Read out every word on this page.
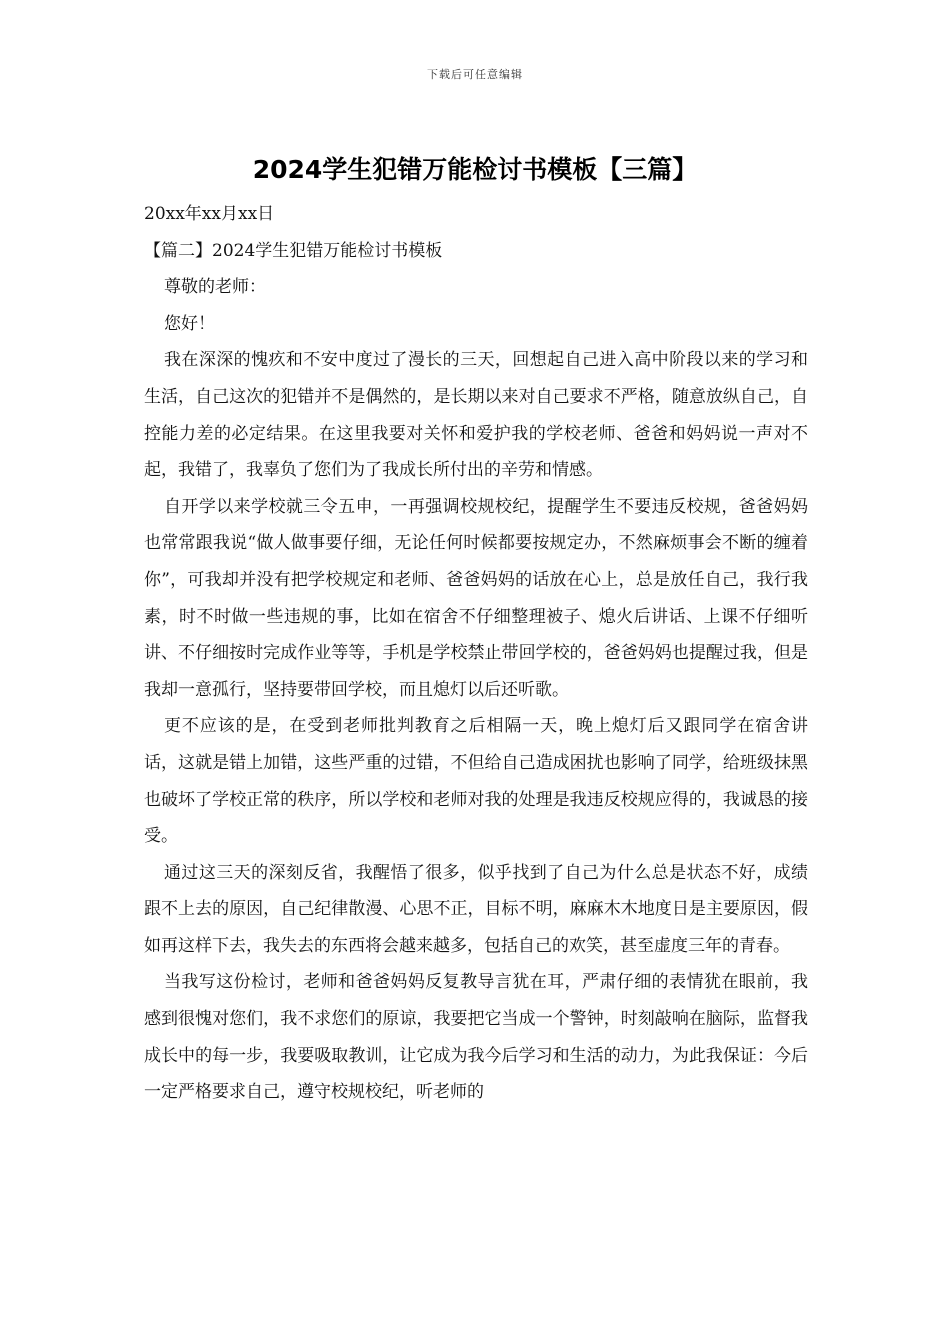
下载后可任意编辑
2024学生犯错万能检讨书模板【三篇】

20xx年xx月xx日

【篇二】2024学生犯错万能检讨书模板

尊敬的老师：

您好！

我在深深的愧疚和不安中度过了漫长的三天，回想起自己进入高中阶段以来的学习和生活，自己这次的犯错并不是偶然的，是长期以来对自己要求不严格，随意放纵自己，自控能力差的必定结果。在这里我要对关怀和爱护我的学校老师、爸爸和妈妈说一声对不起，我错了，我辜负了您们为了我成长所付出的辛劳和情感。

自开学以来学校就三令五申，一再强调校规校纪，提醒学生不要违反校规，爸爸妈妈也常常跟我说“做人做事要仔细，无论任何时候都要按规定办，不然麻烦事会不断的缠着你”，可我却并没有把学校规定和老师、爸爸妈妈的话放在心上，总是放任自己，我行我素，时不时做一些违规的事，比如在宿舍不仔细整理被子、熄火后讲话、上课不仔细听讲、不仔细按时完成作业等等，手机是学校禁止带回学校的，爸爸妈妈也提醒过我，但是我却一意孤行，坚持要带回学校，而且熄灯以后还听歌。

更不应该的是，在受到老师批判教育之后相隔一天，晚上熄灯后又跟同学在宿舍讲话，这就是错上加错，这些严重的过错，不但给自己造成困扰也影响了同学，给班级抹黑也破坏了学校正常的秩序，所以学校和老师对我的处理是我违反校规应得的，我诚恳的接受。

通过这三天的深刻反省，我醒悟了很多，似乎找到了自己为什么总是状态不好，成绩跟不上去的原因，自己纪律散漫、心思不正，目标不明，麻麻木木地度日是主要原因，假如再这样下去，我失去的东西将会越来越多，包括自己的欢笑，甚至虚度三年的青春。

当我写这份检讨，老师和爸爸妈妈反复教导言犹在耳，严肃仔细的表情犹在眼前，我感到很愧对您们，我不求您们的原谅，我要把它当成一个警钟，时刻敲响在脑际，监督我成长中的每一步，我要吸取教训，让它成为我今后学习和生活的动力，为此我保证：今后一定严格要求自己，遵守校规校纪，听老师的
